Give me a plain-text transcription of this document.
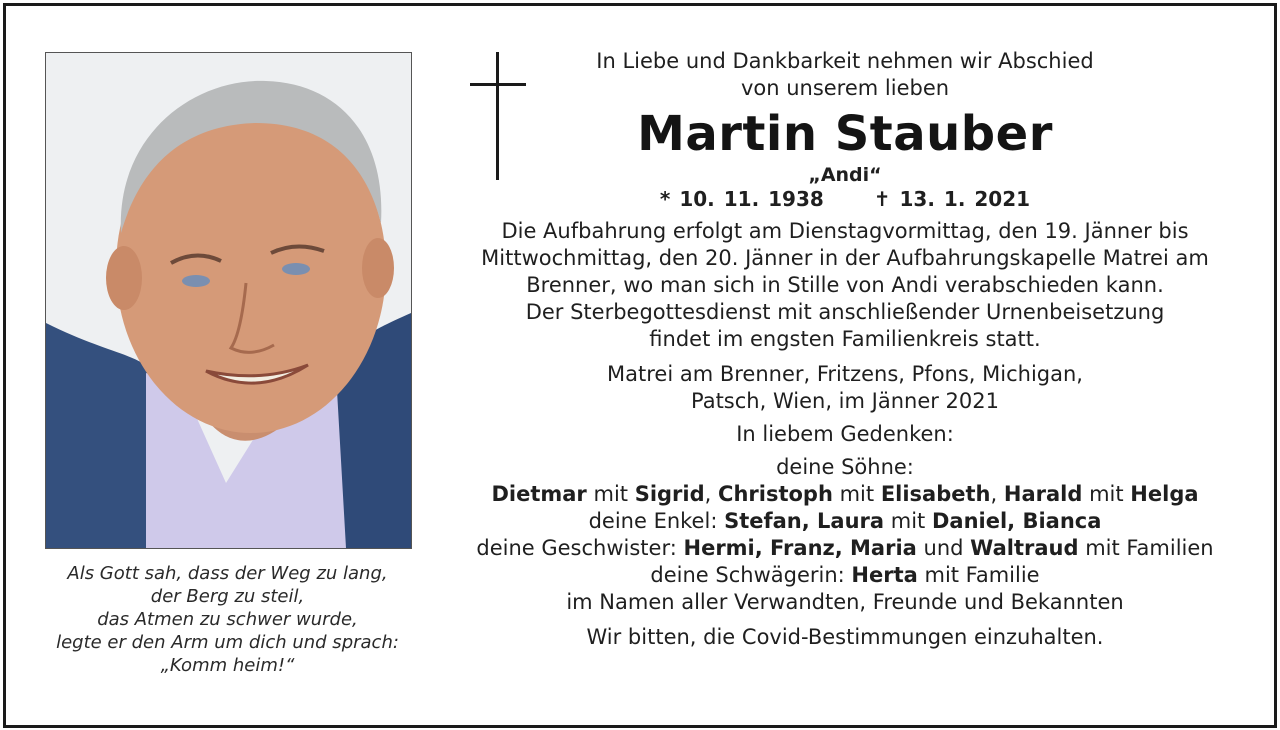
Als Gott sah, dass der Weg zu lang,
der Berg zu steil,
das Atmen zu schwer wurde,
legte er den Arm um dich und sprach:
„Komm heim!“
In Liebe und Dankbarkeit nehmen wir Abschied
von unserem lieben
Martin Stauber
„Andi“
* 10. 11. 1938	✝ 13. 1. 2021
Die Aufbahrung erfolgt am Dienstagvormittag, den 19. Jänner bis
Mittwochmittag, den 20. Jänner in der Aufbahrungskapelle Matrei am
Brenner, wo man sich in Stille von Andi verabschieden kann.
Der Sterbegottesdienst mit anschließender Urnenbeisetzung
findet im engsten Familienkreis statt.
Matrei am Brenner, Fritzens, Pfons, Michigan,
Patsch, Wien, im Jänner 2021
In liebem Gedenken:
deine Söhne:
Dietmar mit Sigrid, Christoph mit Elisabeth, Harald mit Helga
deine Enkel: Stefan, Laura mit Daniel, Bianca
deine Geschwister: Hermi, Franz, Maria und Waltraud mit Familien
deine Schwägerin: Herta mit Familie
im Namen aller Verwandten, Freunde und Bekannten
Wir bitten, die Covid-Bestimmungen einzuhalten.
